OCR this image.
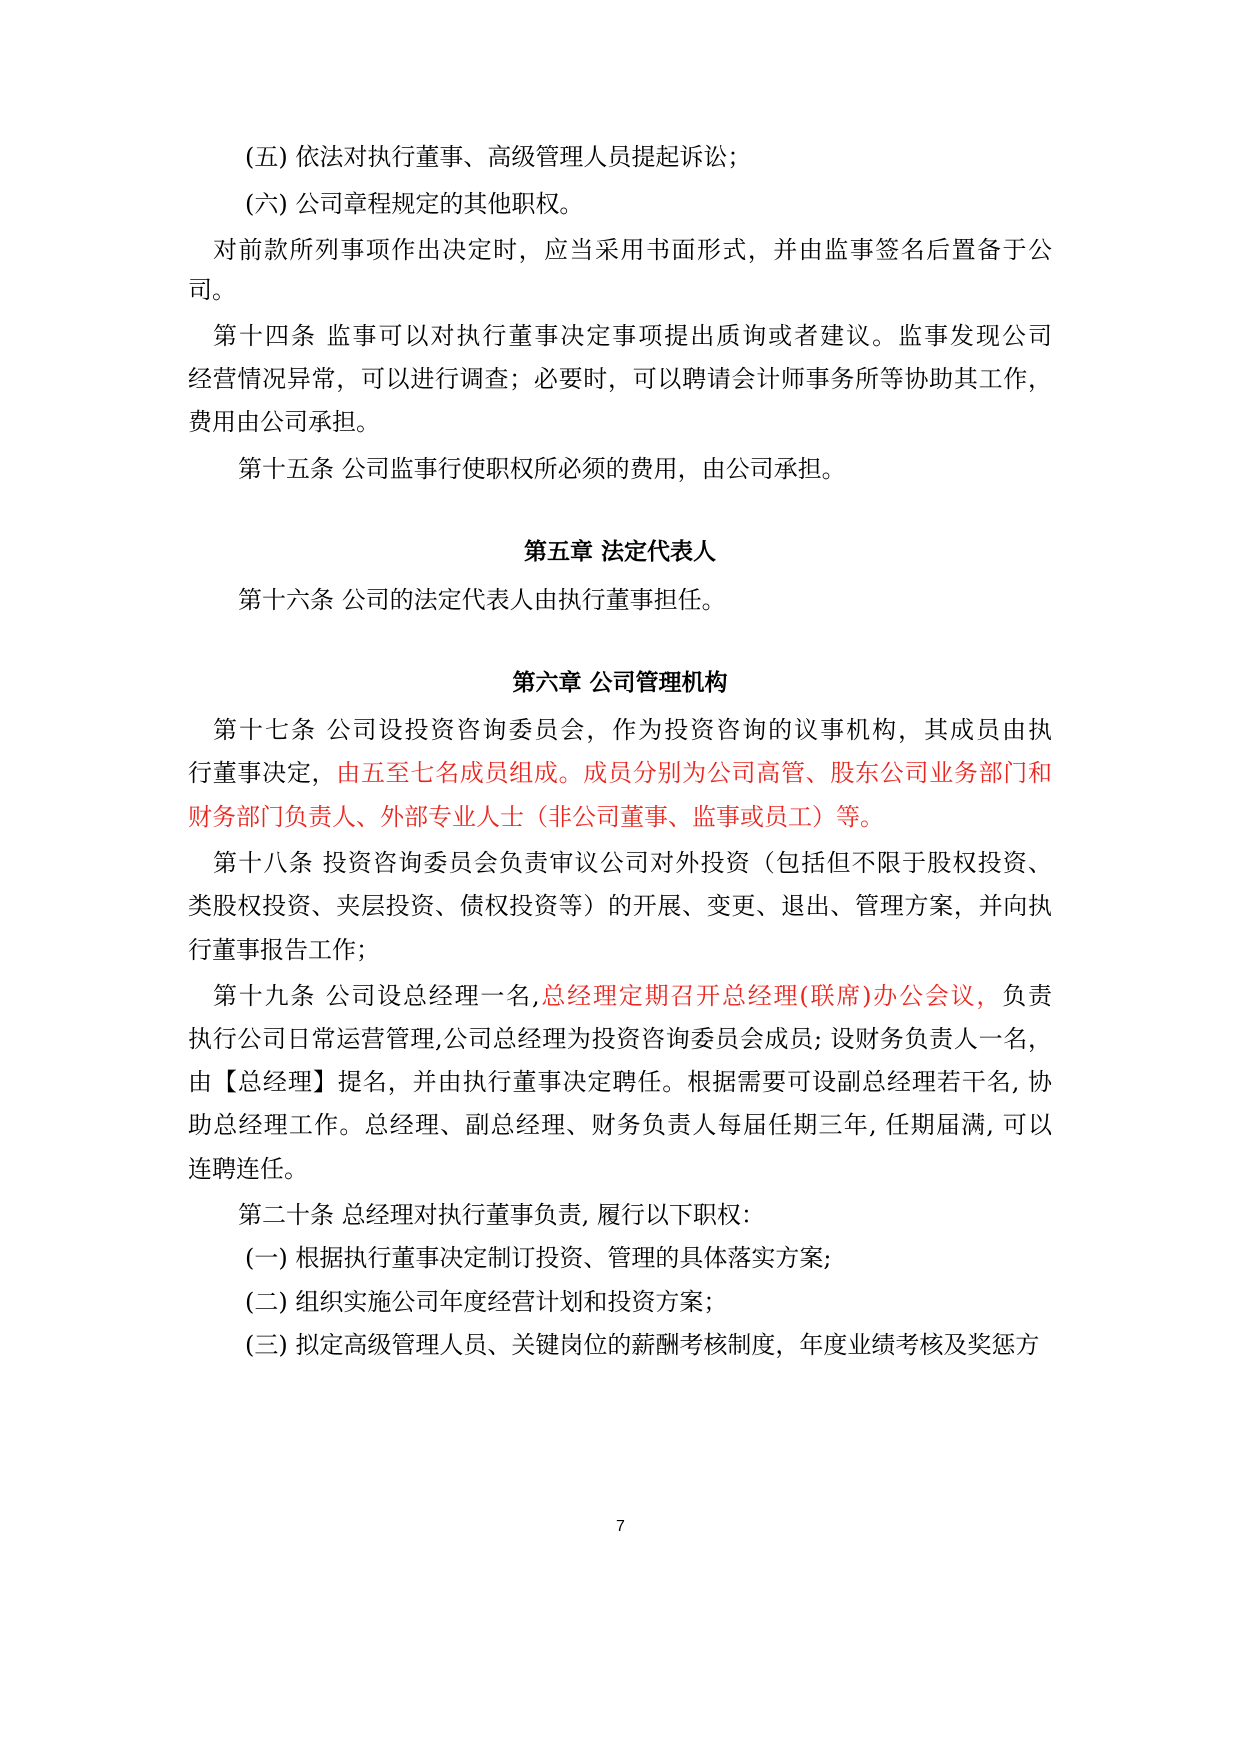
(五) 依法对执行董事、高级管理人员提起诉讼；
(六) 公司章程规定的其他职权。
对前款所列事项作出决定时，应当采用书面形式，并由监事签名后置备于公
司。
第十四条 监事可以对执行董事决定事项提出质询或者建议。监事发现公司
经营情况异常，可以进行调查；必要时，可以聘请会计师事务所等协助其工作，
费用由公司承担。
第十五条 公司监事行使职权所必须的费用，由公司承担。
第五章 法定代表人
第十六条 公司的法定代表人由执行董事担任。
第六章 公司管理机构
第十七条 公司设投资咨询委员会，作为投资咨询的议事机构，其成员由执
行董事决定，由五至七名成员组成。成员分别为公司高管、股东公司业务部门和
财务部门负责人、外部专业人士（非公司董事、监事或员工）等。
第十八条 投资咨询委员会负责审议公司对外投资（包括但不限于股权投资、
类股权投资、夹层投资、债权投资等）的开展、变更、退出、管理方案，并向执
行董事报告工作；
第十九条 公司设总经理一名,总经理定期召开总经理(联席)办公会议，负责
执行公司日常运营管理,公司总经理为投资咨询委员会成员; 设财务负责人一名，
由【总经理】提名，并由执行董事决定聘任。根据需要可设副总经理若干名, 协
助总经理工作。总经理、副总经理、财务负责人每届任期三年, 任期届满, 可以
连聘连任。
第二十条 总经理对执行董事负责, 履行以下职权：
(一) 根据执行董事决定制订投资、管理的具体落实方案;
(二) 组织实施公司年度经营计划和投资方案；
(三) 拟定高级管理人员、关键岗位的薪酬考核制度，年度业绩考核及奖惩方
7
